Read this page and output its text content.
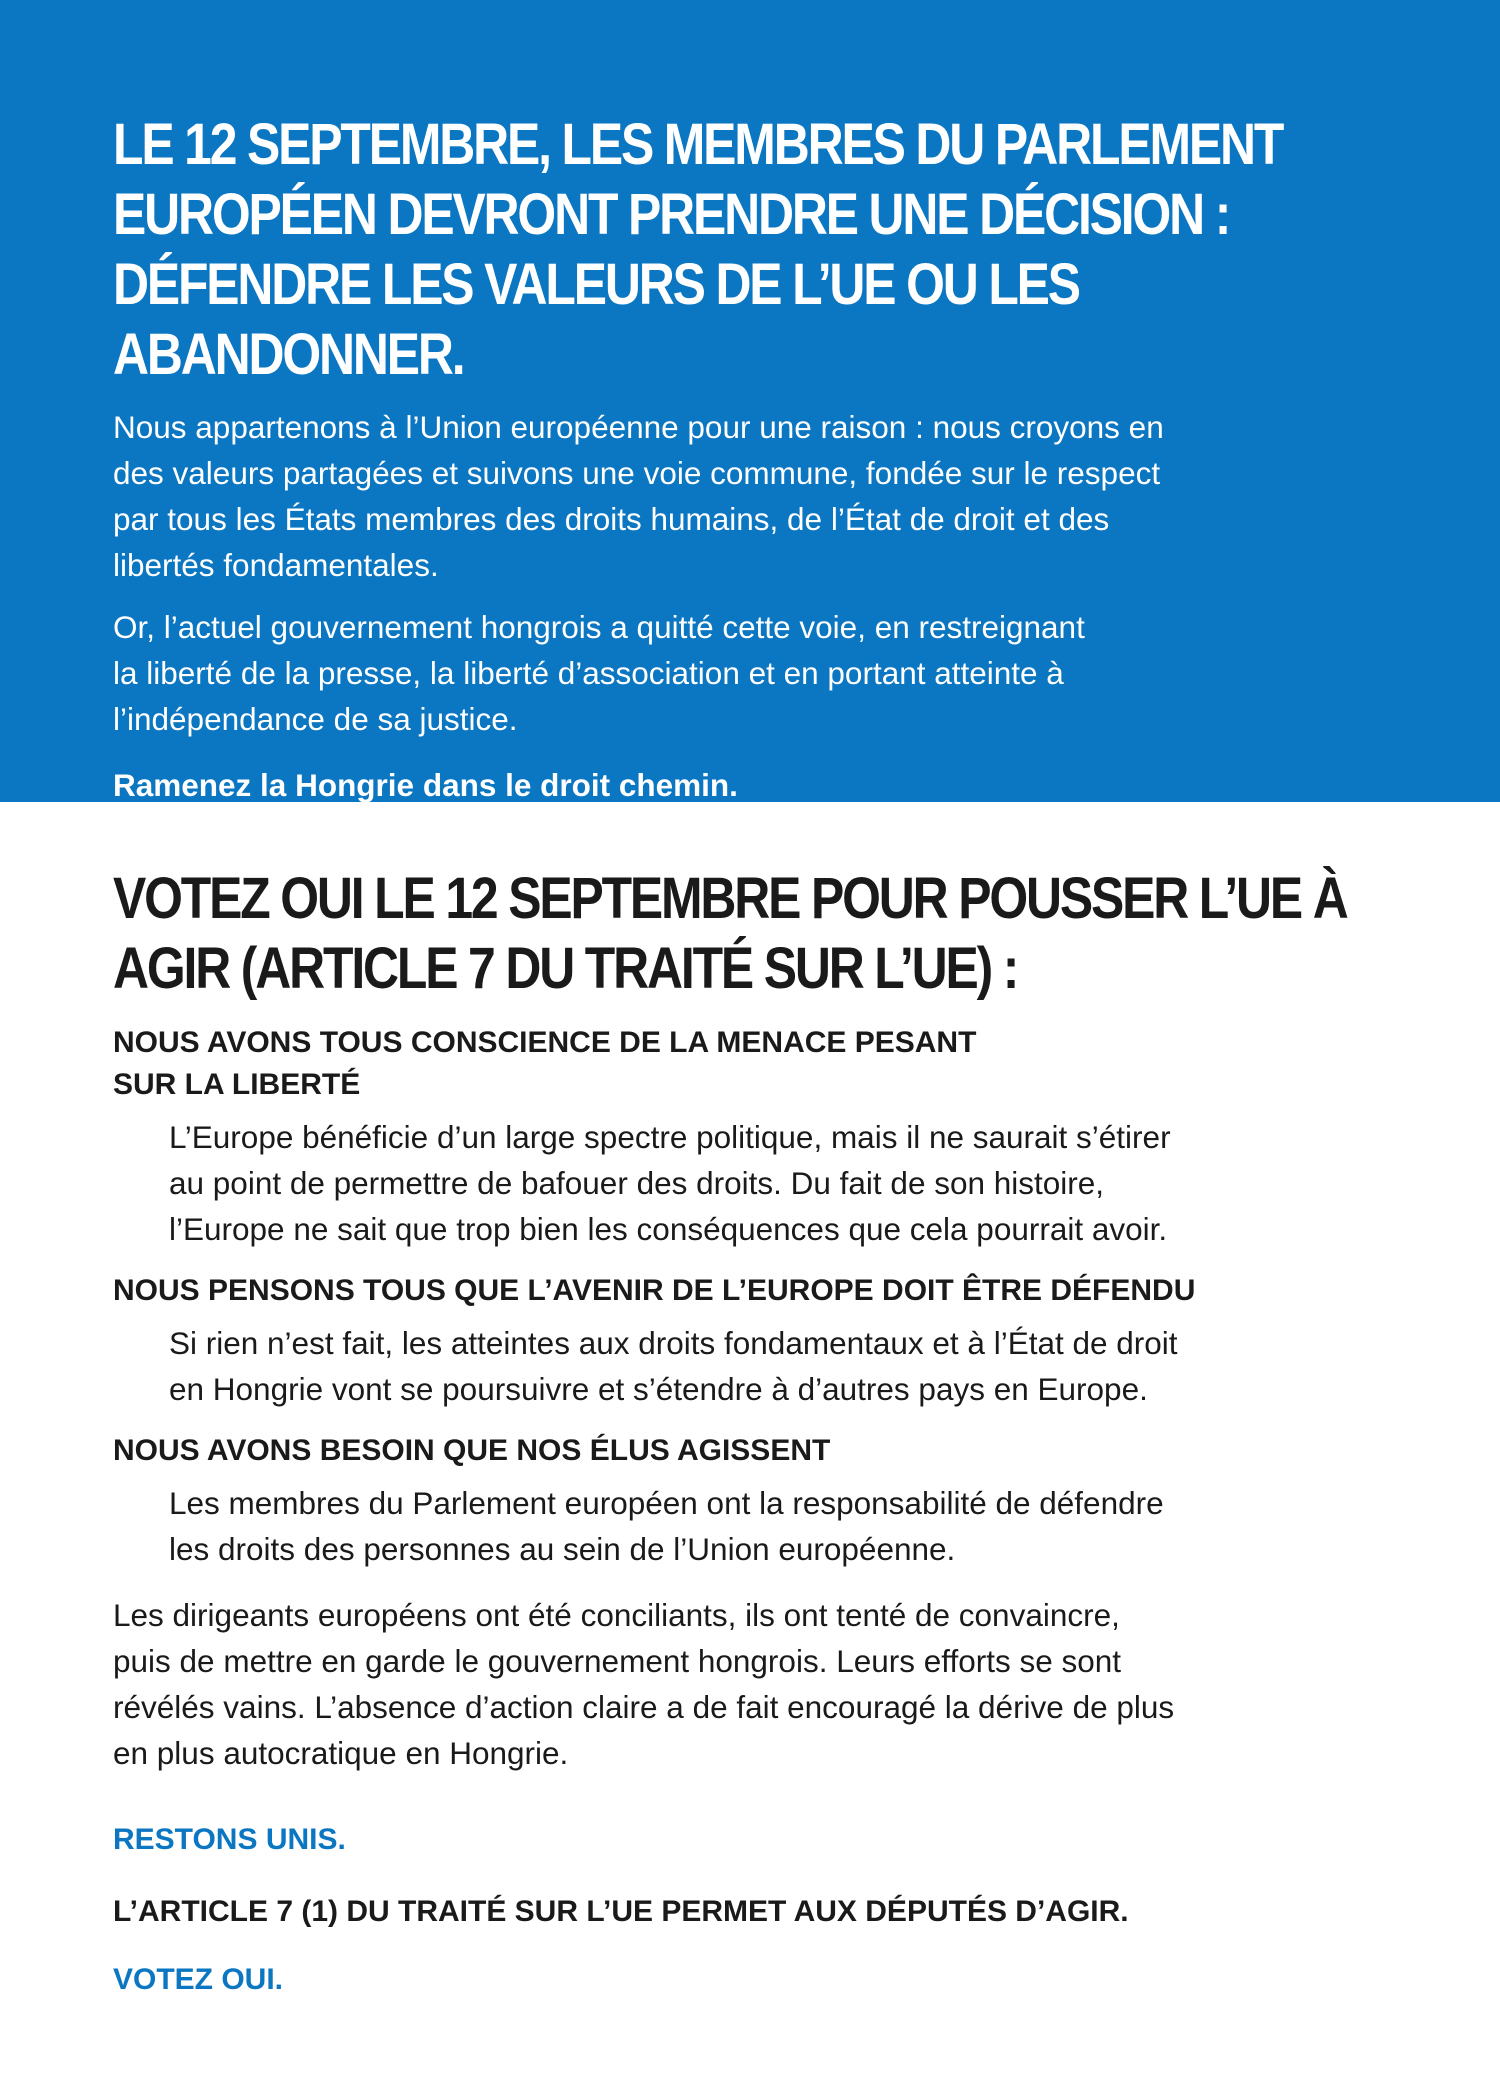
LE 12 SEPTEMBRE, LES MEMBRES DU PARLEMENT
EUROPÉEN DEVRONT PRENDRE UNE DÉCISION :
DÉFENDRE LES VALEURS DE L’UE OU LES ABANDONNER.

Nous appartenons à l’Union européenne pour une raison : nous croyons en
des valeurs partagées et suivons une voie commune, fondée sur le respect
par tous les États membres des droits humains, de l’État de droit et des
libertés fondamentales.

Or, l’actuel gouvernement hongrois a quitté cette voie, en restreignant
la liberté de la presse, la liberté d’association et en portant atteinte à
l’indépendance de sa justice.

Ramenez la Hongrie dans le droit chemin.

VOTEZ OUI LE 12 SEPTEMBRE POUR POUSSER L’UE À
AGIR (ARTICLE 7 DU TRAITÉ SUR L’UE) :
NOUS AVONS TOUS CONSCIENCE DE LA MENACE PESANT
SUR LA LIBERTÉ
L’Europe bénéficie d’un large spectre politique, mais il ne saurait s’étirer
au point de permettre de bafouer des droits. Du fait de son histoire,
l’Europe ne sait que trop bien les conséquences que cela pourrait avoir.
NOUS PENSONS TOUS QUE L’AVENIR DE L’EUROPE DOIT ÊTRE DÉFENDU
Si rien n’est fait, les atteintes aux droits fondamentaux et à l’État de droit
en Hongrie vont se poursuivre et s’étendre à d’autres pays en Europe.
NOUS AVONS BESOIN QUE NOS ÉLUS AGISSENT
Les membres du Parlement européen ont la responsabilité de défendre
les droits des personnes au sein de l’Union européenne.

Les dirigeants européens ont été conciliants, ils ont tenté de convaincre,
puis de mettre en garde le gouvernement hongrois. Leurs efforts se sont
révélés vains. L’absence d’action claire a de fait encouragé la dérive de plus
en plus autocratique en Hongrie.

RESTONS UNIS.

L’ARTICLE 7 (1) DU TRAITÉ SUR L’UE PERMET AUX DÉPUTÉS D’AGIR.

VOTEZ OUI.
